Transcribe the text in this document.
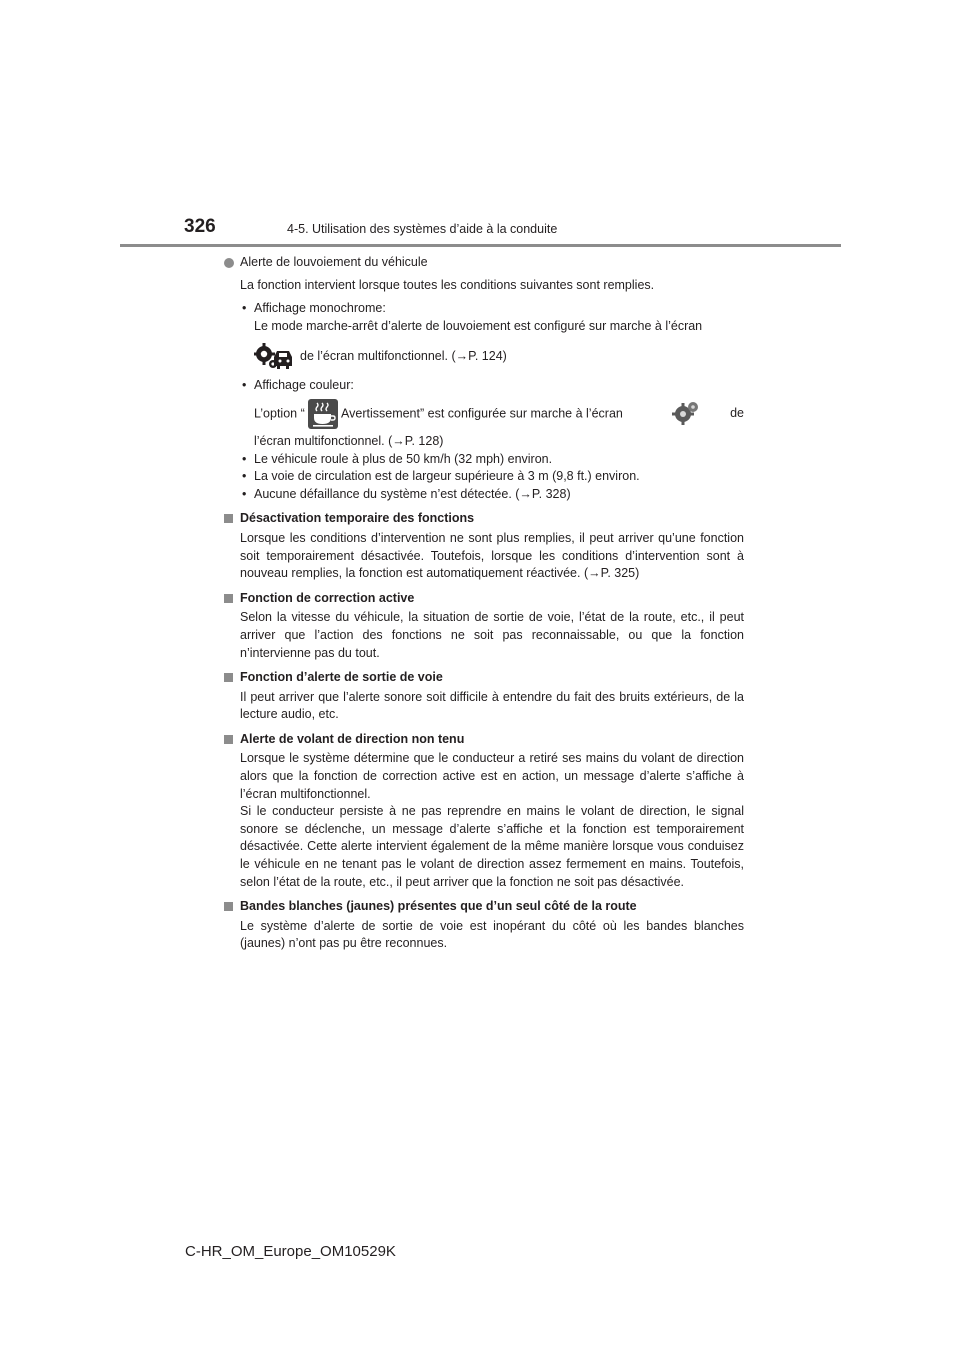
326	4-5. Utilisation des systèmes d’aide à la conduite
Alerte de louvoiement du véhicule

La fonction intervient lorsque toutes les conditions suivantes sont remplies.

• Affichage monochrome:
Le mode marche-arrêt d’alerte de louvoiement est configuré sur marche à l’écran
de l’écran multifonctionnel. (→P. 124)
• Affichage couleur:
L’option “	Avertissement” est configurée sur marche à l’écran	de
l’écran multifonctionnel. (→P. 128)
• Le véhicule roule à plus de 50 km/h (32 mph) environ.
• La voie de circulation est de largeur supérieure à 3 m (9,8 ft.) environ.
• Aucune défaillance du système n’est détectée. (→P. 328)
Désactivation temporaire des fonctions

Lorsque les conditions d’intervention ne sont plus remplies, il peut arriver qu’une fonction soit temporairement désactivée. Toutefois, lorsque les conditions d’intervention sont à nouveau remplies, la fonction est automatiquement réactivée. (→P. 325)

Fonction de correction active

Selon la vitesse du véhicule, la situation de sortie de voie, l’état de la route, etc., il peut arriver que l’action des fonctions ne soit pas reconnaissable, ou que la fonction n’intervienne pas du tout.

Fonction d’alerte de sortie de voie

Il peut arriver que l’alerte sonore soit difficile à entendre du fait des bruits extérieurs, de la lecture audio, etc.

Alerte de volant de direction non tenu

Lorsque le système détermine que le conducteur a retiré ses mains du volant de direction alors que la fonction de correction active est en action, un message d’alerte s’affiche à l’écran multifonctionnel.

Si le conducteur persiste à ne pas reprendre en mains le volant de direction, le signal sonore se déclenche, un message d’alerte s’affiche et la fonction est temporairement désactivée. Cette alerte intervient également de la même manière lorsque vous conduisez le véhicule en ne tenant pas le volant de direction assez fermement en mains. Toutefois, selon l’état de la route, etc., il peut arriver que la fonction ne soit pas désactivée.

Bandes blanches (jaunes) présentes que d’un seul côté de la route

Le système d’alerte de sortie de voie est inopérant du côté où les bandes blanches (jaunes) n’ont pas pu être reconnues.

C-HR_OM_Europe_OM10529K
